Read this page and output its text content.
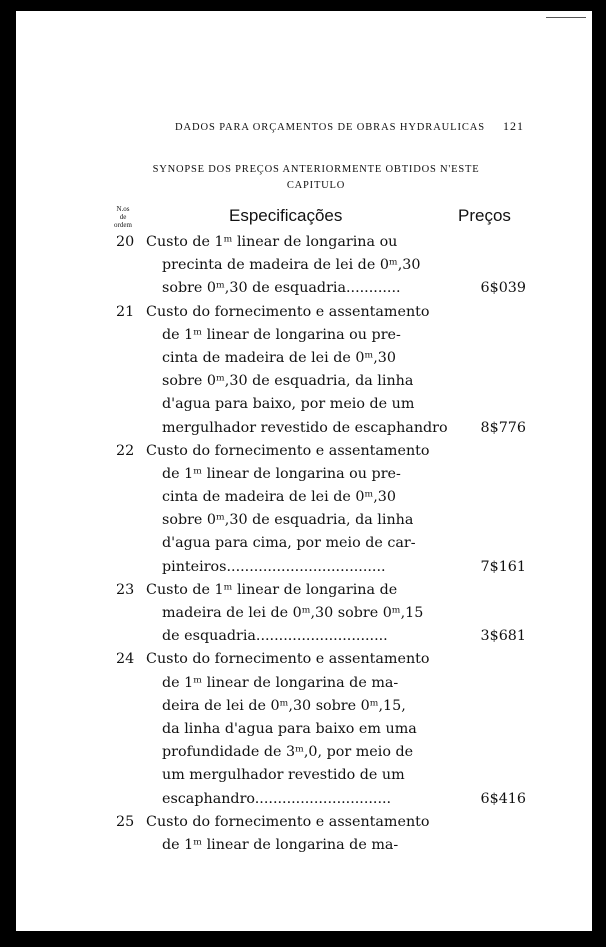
DADOS PARA ORÇAMENTOS DE OBRAS HYDRAULICAS 121
SYNOPSE DOS PREÇOS ANTERIORMENTE OBTIDOS N'ESTE
CAPITULO
N.os
de
ordem	Especificações	Preços
20 Custo de 1ᵐ linear de longarina ou
precinta de madeira de lei de 0ᵐ,30
sobre 0ᵐ,30 de esquadria............	6$039
21 Custo do fornecimento e assentamento
de 1ᵐ linear de longarina ou pre-
cinta de madeira de lei de 0ᵐ,30
sobre 0ᵐ,30 de esquadria, da linha
d'agua para baixo, por meio de um
mergulhador revestido de escaphandro	8$776
22 Custo do fornecimento e assentamento
de 1ᵐ linear de longarina ou pre-
cinta de madeira de lei de 0ᵐ,30
sobre 0ᵐ,30 de esquadria, da linha
d'agua para cima, por meio de car-
pinteiros...................................	7$161
23 Custo de 1ᵐ linear de longarina de
madeira de lei de 0ᵐ,30 sobre 0ᵐ,15
de esquadria.............................	3$681
24 Custo do fornecimento e assentamento
de 1ᵐ linear de longarina de ma-
deira de lei de 0ᵐ,30 sobre 0ᵐ,15,
da linha d'agua para baixo em uma
profundidade de 3ᵐ,0, por meio de
um mergulhador revestido de um
escaphandro..............................	6$416
25 Custo do fornecimento e assentamento
de 1ᵐ linear de longarina de ma-
